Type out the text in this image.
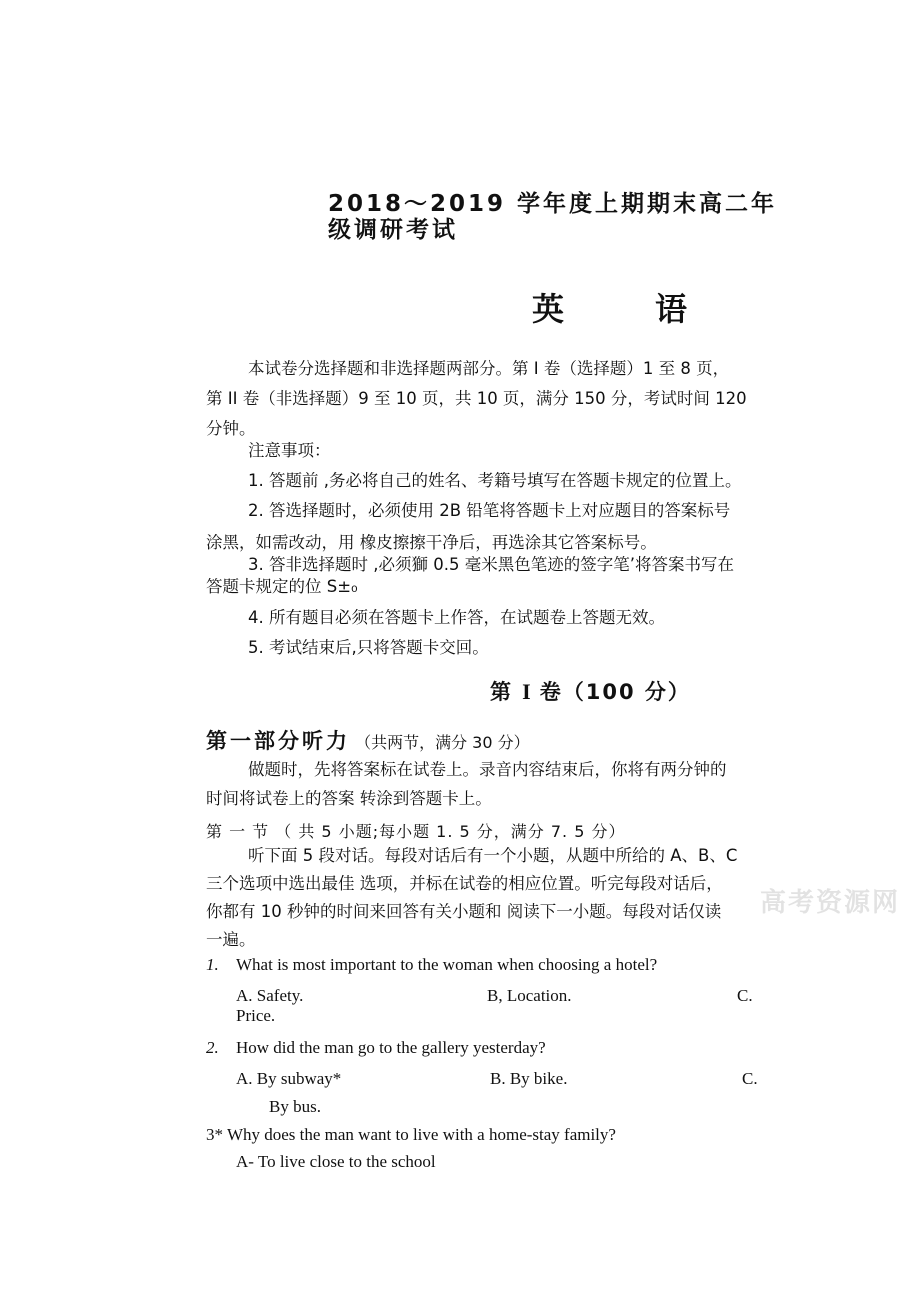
2018〜2019 学年度上期期末高二年
级调研考试
英	语
本试卷分选择题和非选择题两部分。第 I 卷（选择题）1 至 8 页，
第 II 卷（非选择题）9 至 10 页，共 10 页，满分 150 分，考试时间 120
分钟。
注意事项：
1. 答题前 ,务必将自己的姓名、考籍号填写在答题卡规定的位置上。
2. 答选择题时，必须使用 2B 铅笔将答题卡上对应题目的答案标号
涂黑，如需改动，用 橡皮擦擦干净后，再选涂其它答案标号。
3. 答非选择题时 ,必须獅 0.5 毫米黑色笔迹的签字笔’将答案书写在
答题卡规定的位 S±₀
4. 所有题目必须在答题卡上作答，在试题卷上答题无效。
5. 考试结束后,只将答题卡交回。
第 I 卷（100 分）
第一部分听力 （共两节，满分 30 分）
做题时，先将答案标在试卷上。录音内容结束后，你将有两分钟的
时间将试卷上的答案 转涂到答题卡上。
第 一 节 （ 共 5 小题;每小题 1. 5 分，满分 7. 5 分）
听下面 5 段对话。每段对话后有一个小题，从题中所给的 A、B、C
三个选项中选出最佳 选项，并标在试卷的相应位置。听完每段对话后，
你都有 10 秒钟的时间来回答有关小题和 阅读下一小题。每段对话仅读
一遍。
高考资源网
1. What is most important to the woman when choosing a hotel?
A. Safety.	B, Location.	C.
Price.
2. How did the man go to the gallery yesterday?
A. By subway*	B. By bike.	C.
By bus.
3* Why does the man want to live with a home-stay family?
A- To live close to the school
